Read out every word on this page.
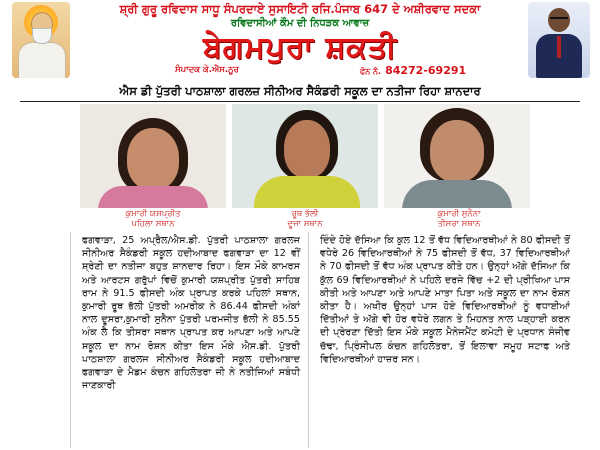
ਸ਼੍ਰੀ ਗੁਰੂ ਰਵਿਦਾਸ ਸਾਧੂ ਸੰਪਰਦਾਏ ਸੁਸਾਇਟੀ ਰਜਿ.ਪੰਜਾਬ 647 ਦੇ ਅਸ਼ੀਰਵਾਦ ਸਦਕਾ
ਰਵਿਦਾਸੀਆਂ ਕੌਮ ਦੀ ਨਿਧੜਕ ਆਵਾਜ਼
ਬੇਗਮਪੁਰਾ ਸ਼ਕਤੀ
ਸੰਪਾਦਕ ਕੇ.ਐਸ.ਨੂਰ	ਫੋਨ ਨੰ. 84272-69291
ਐਸ ਡੀ ਪੁੱਤਰੀ ਪਾਠਸ਼ਾਲਾ ਗਰਲਜ਼ ਸੀਨੀਅਰ ਸੈਕੰਡਰੀ ਸਕੂਲ ਦਾ ਨਤੀਜਾ ਰਿਹਾ ਸ਼ਾਨਦਾਰ
ਕੁਮਾਰੀ ਯਸ਼ਪ੍ਰੀਤ
ਪਹਿਲਾ ਸਥਾਨ
ਰੂਥ ਭੱਲੀ
ਦੂਜਾ ਸਥਾਨ
ਕੁਮਾਰੀ ਸੁਨੈਨਾ
ਤੀਸਰਾ ਸਥਾਨ

ਫਗਵਾੜਾ, 25 ਅਪ੍ਰੈਲ/ਐਸ.ਡੀ. ਪੁੱਤਰੀ ਪਾਠਸ਼ਾਲਾ ਗਰਲਜ ਸੀਨੀਅਰ ਸੈਕੰਡਰੀ ਸਕੂਲ ਹਦੀਆਬਾਦ ਫਗਵਾੜਾ ਦਾ 12 ਵੀਂ ਸ਼੍ਰੇਣੀ ਦਾ ਨਤੀਜਾ ਬਹੁਤ ਸ਼ਾਨਦਾਰ ਰਿਹਾ। ਇਸ ਮੌਕੇ ਕਾਮਰਸ ਅਤੇ ਆਰਟਸ ਗਰੁੱਪਾਂ ਵਿਚੋਂ ਕੁਮਾਰੀ ਯਸ਼ਪ੍ਰੀਤ ਪੁੱਤਰੀ ਸਾਹਿਬ ਰਾਮ ਨੇ 91.5 ਫੀਸਦੀ ਅੰਕ ਪ੍ਰਾਪਤ ਕਰਕੇ ਪਹਿਲਾਂ ਸਥਾਨ, ਕੁਮਾਰੀ ਰੂਥ ਭੱਲੀ ਪੁੱਤਰੀ ਅਮਰੀਕ ਨੇ 86.44 ਫੀਸਦੀ ਅੰਕਾਂ ਨਾਲ ਦੂਸਰਾ,ਕੁਮਾਰੀ ਸੁਨੈਨਾ ਪੁੱਤਰੀ ਪਰਮਜੀਤ ਭੱਲੀ ਨੇ 85.55 ਅੰਕ ਲੈ ਕਿ ਤੀਸਰਾ ਸਥਾਨ ਪ੍ਰਾਪਤ ਕਰ ਆਪਣਾ ਅਤੇ ਆਪਣੇ ਸਕੂਲ ਦਾ ਨਾਮ ਰੋਸ਼ਨ ਕੀਤਾ ਇਸ ਮੌਕੇ ਐਸ.ਡੀ. ਪੁੱਤਰੀ ਪਾਠਸ਼ਾਲਾ ਗਰਲਜ ਸੀਨੀਅਰ ਸੈਕੰਡਰੀ ਸਕੂਲ ਹਦੀਆਬਾਦ ਫਗਵਾੜਾ ਦੇ ਮੈਡਮ ਕੰਚਨ ਗਹਿਲੋਤਰਾ ਜੀ ਨੇ ਨਤੀਜਿਆਂ ਸਬੰਧੀ ਜਾਣਕਾਰੀ

ਦਿੰਦੇ ਹੋਏ ਦੱਸਿਆ ਕਿ ਕੁਲ 12 ਤੋਂ ਵੱਧ ਵਿਦਿਆਰਥੀਆਂ ਨੇ 80 ਫੀਸਦੀ ਤੋਂ ਵਧੇਰੇ 26 ਵਿਦਿਆਰਥੀਆਂ ਨੇ 75 ਫੀਸਦੀ ਤੋਂ ਵੱਧ, 37 ਵਿਦਿਆਰਥੀਆਂ ਨੇ 70 ਫੀਸਦੀ ਤੋਂ ਵੱਧ ਅੰਕ ਪ੍ਰਾਪਤ ਕੀਤੇ ਹਨ। ਉਨ੍ਹਾਂ ਅੱਗੇ ਦੱਸਿਆ ਕਿ ਕੁੱਲ 69 ਵਿਦਿਆਰਥੀਆਂ ਨੇ ਪਹਿਲੇ ਦਰਜੇ ਵਿੱਚ +2 ਦੀ ਪ੍ਰੀਖਿਆ ਪਾਸ ਕੀਤੀ ਅਤੇ ਆਪਣਾ ਅਤੇ ਆਪਣੇ ਮਾਤਾ ਪਿਤਾ ਅਤੇ ਸਕੂਲ ਦਾ ਨਾਮ ਰੋਸ਼ਨ ਕੀਤਾ ਹੈ। ਅਖੀਰ ਉਨ੍ਹਾਂ ਪਾਸ ਹੋਏ ਵਿਦਿਆਰਥੀਆਂ ਨੂੰ ਵਧਾਈਆਂ ਦਿੱਤੀਆਂ ਤੇ ਅੱਗੇ ਵੀ ਹੋਰ ਵਧੇਰੇ ਲਗਨ ਤੇ ਮਿਹਨਤ ਨਾਲ ਪੜ੍ਹਾਈ ਕਰਨ ਦੀ ਪ੍ਰੇਰਣਾ ਦਿੱਤੀ ਇਸ ਮੌਕੇ ਸਕੂਲ ਮੈਨੇਜਮੈਂਟ ਕਮੇਟੀ ਦੇ ਪ੍ਰਧਾਨ ਸੰਜੀਵ ਚੱਢਾ, ਪ੍ਰਿੰਸੀਪਲ ਕੰਚਨ ਗਹਿਲੋਤਰਾ, ਤੋਂ ਇਲਾਵਾ ਸਮੂਹ ਸਟਾਫ ਅਤੇ ਵਿਦਿਆਰਥੀਆਂ ਹਾਜ਼ਰ ਸਨ।
